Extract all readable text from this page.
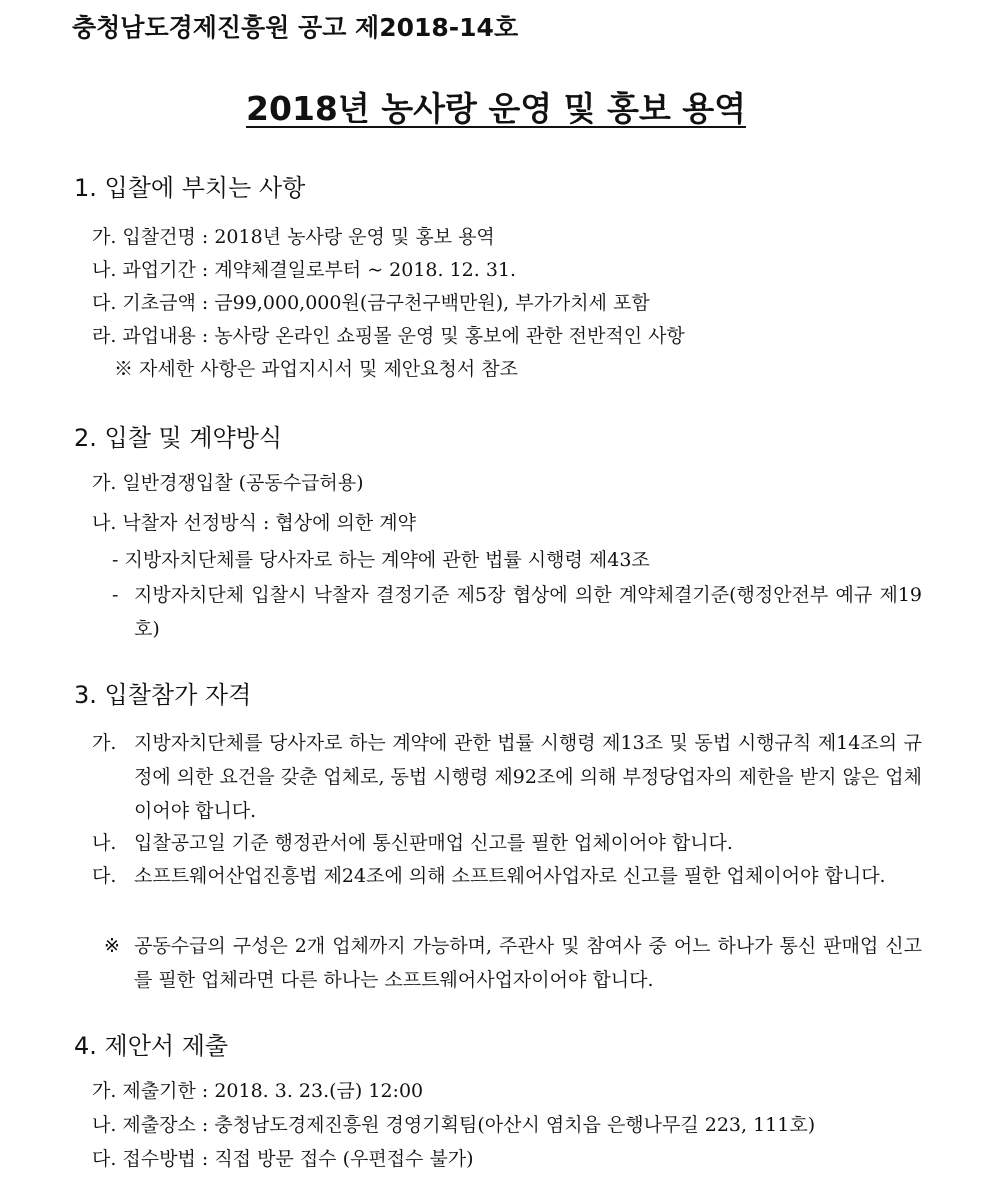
충청남도경제진흥원 공고 제2018-14호
2018년 농사랑 운영 및 홍보 용역
1. 입찰에 부치는 사항
가. 입찰건명 : 2018년 농사랑 운영 및 홍보 용역
나. 과업기간 : 계약체결일로부터 ~ 2018. 12. 31.
다. 기초금액 : 금99,000,000원(금구천구백만원), 부가가치세 포함
라. 과업내용 : 농사랑 온라인 쇼핑몰 운영 및 홍보에 관한 전반적인 사항
※ 자세한 사항은 과업지시서 및 제안요청서 참조
2. 입찰 및 계약방식
가. 일반경쟁입찰 (공동수급허용)
나. 낙찰자 선정방식 : 협상에 의한 계약
- 지방자치단체를 당사자로 하는 계약에 관한 법률 시행령 제43조
- 지방자치단체 입찰시 낙찰자 결정기준 제5장 협상에 의한 계약체결기준(행정안전부 예규 제19호)
3. 입찰참가 자격
가. 지방자치단체를 당사자로 하는 계약에 관한 법률 시행령 제13조 및 동법 시행규칙 제14조의 규정에 의한 요건을 갖춘 업체로, 동법 시행령 제92조에 의해 부정당업자의 제한을 받지 않은 업체이어야 합니다.
나. 입찰공고일 기준 행정관서에 통신판매업 신고를 필한 업체이어야 합니다.
다. 소프트웨어산업진흥법 제24조에 의해 소프트웨어사업자로 신고를 필한 업체이어야 합니다.
※ 공동수급의 구성은 2개 업체까지 가능하며, 주관사 및 참여사 중 어느 하나가 통신 판매업 신고를 필한 업체라면 다른 하나는 소프트웨어사업자이어야 합니다.
4. 제안서 제출
가. 제출기한 : 2018. 3. 23.(금) 12:00
나. 제출장소 : 충청남도경제진흥원 경영기획팀(아산시 염치읍 은행나무길 223, 111호)
다. 접수방법 : 직접 방문 접수 (우편접수 불가)
